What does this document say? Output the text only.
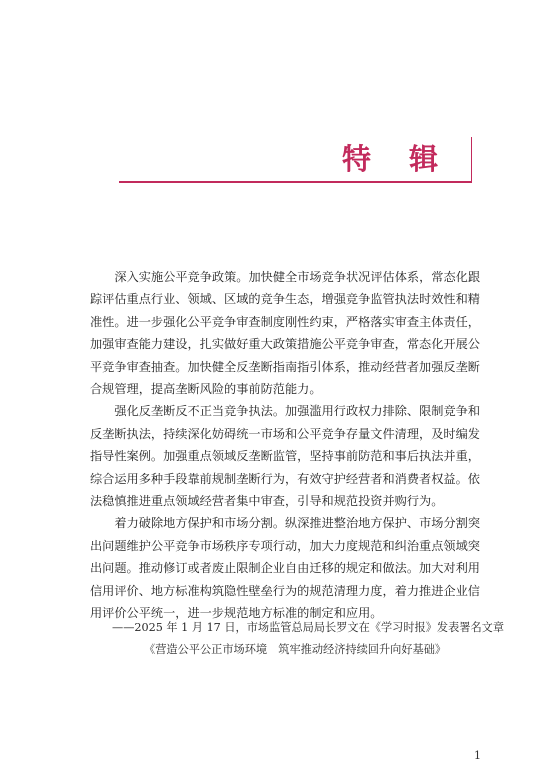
特 辑

深入实施公平竞争政策。加快健全市场竞争状况评估体系，常态化跟踪评估重点行业、领域、区域的竞争生态，增强竞争监管执法时效性和精准性。进一步强化公平竞争审查制度刚性约束，严格落实审查主体责任，加强审查能力建设，扎实做好重大政策措施公平竞争审查，常态化开展公平竞争审查抽查。加快健全反垄断指南指引体系，推动经营者加强反垄断合规管理，提高垄断风险的事前防范能力。

强化反垄断反不正当竞争执法。加强滥用行政权力排除、限制竞争和反垄断执法，持续深化妨碍统一市场和公平竞争存量文件清理，及时编发指导性案例。加强重点领域反垄断监管，坚持事前防范和事后执法并重，综合运用多种手段靠前规制垄断行为，有效守护经营者和消费者权益。依法稳慎推进重点领域经营者集中审查，引导和规范投资并购行为。

着力破除地方保护和市场分割。纵深推进整治地方保护、市场分割突出问题维护公平竞争市场秩序专项行动，加大力度规范和纠治重点领域突出问题。推动修订或者废止限制企业自由迁移的规定和做法。加大对利用信用评价、地方标准构筑隐性壁垒行为的规范清理力度，着力推进企业信用评价公平统一，进一步规范地方标准的制定和应用。

——2025 年 1 月 17 日，市场监管总局局长罗文在《学习时报》发表署名文章《营造公平公正市场环境　筑牢推动经济持续回升向好基础》

1
